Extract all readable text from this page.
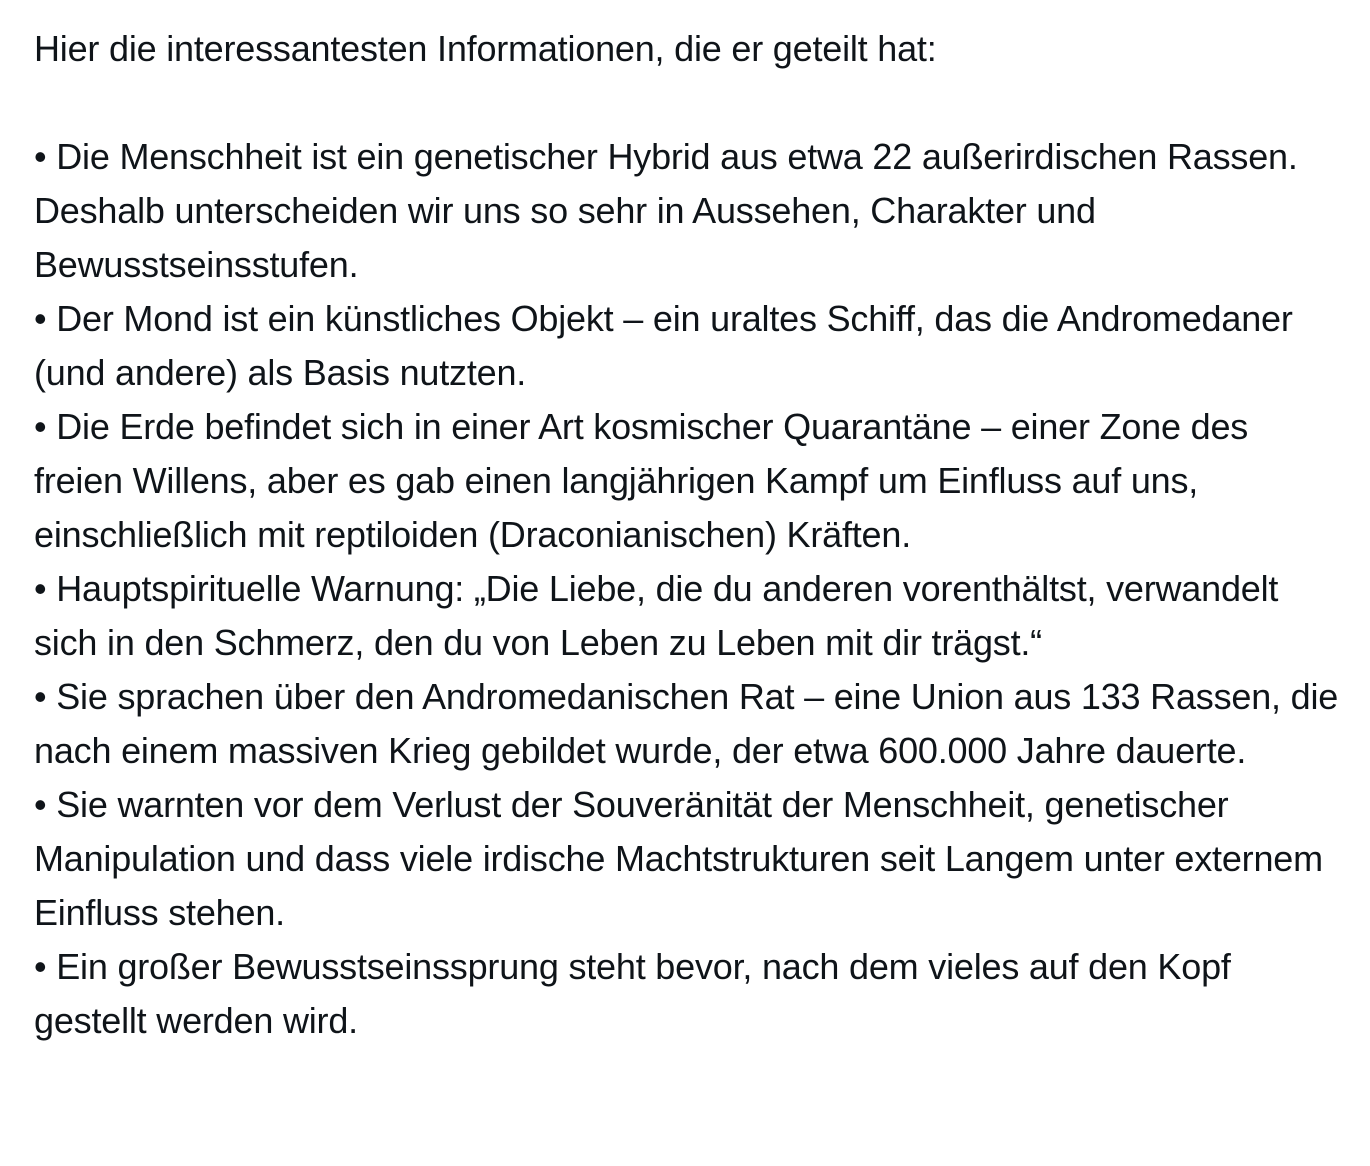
Hier die interessantesten Informationen, die er geteilt hat:

• Die Menschheit ist ein genetischer Hybrid aus etwa 22 außerirdischen Rassen. Deshalb unterscheiden wir uns so sehr in Aussehen, Charakter und Bewusstseinsstufen.
• Der Mond ist ein künstliches Objekt – ein uraltes Schiff, das die Andromedaner (und andere) als Basis nutzten.
• Die Erde befindet sich in einer Art kosmischer Quarantäne – einer Zone des freien Willens, aber es gab einen langjährigen Kampf um Einfluss auf uns, einschließlich mit reptiloiden (Draconianischen) Kräften.
• Hauptspirituelle Warnung: „Die Liebe, die du anderen vorenthältst, verwandelt sich in den Schmerz, den du von Leben zu Leben mit dir trägst.“
• Sie sprachen über den Andromedanischen Rat – eine Union aus 133 Rassen, die nach einem massiven Krieg gebildet wurde, der etwa 600.000 Jahre dauerte.
• Sie warnten vor dem Verlust der Souveränität der Menschheit, genetischer Manipulation und dass viele irdische Machtstrukturen seit Langem unter externem Einfluss stehen.
• Ein großer Bewusstseinssprung steht bevor, nach dem vieles auf den Kopf gestellt werden wird.
